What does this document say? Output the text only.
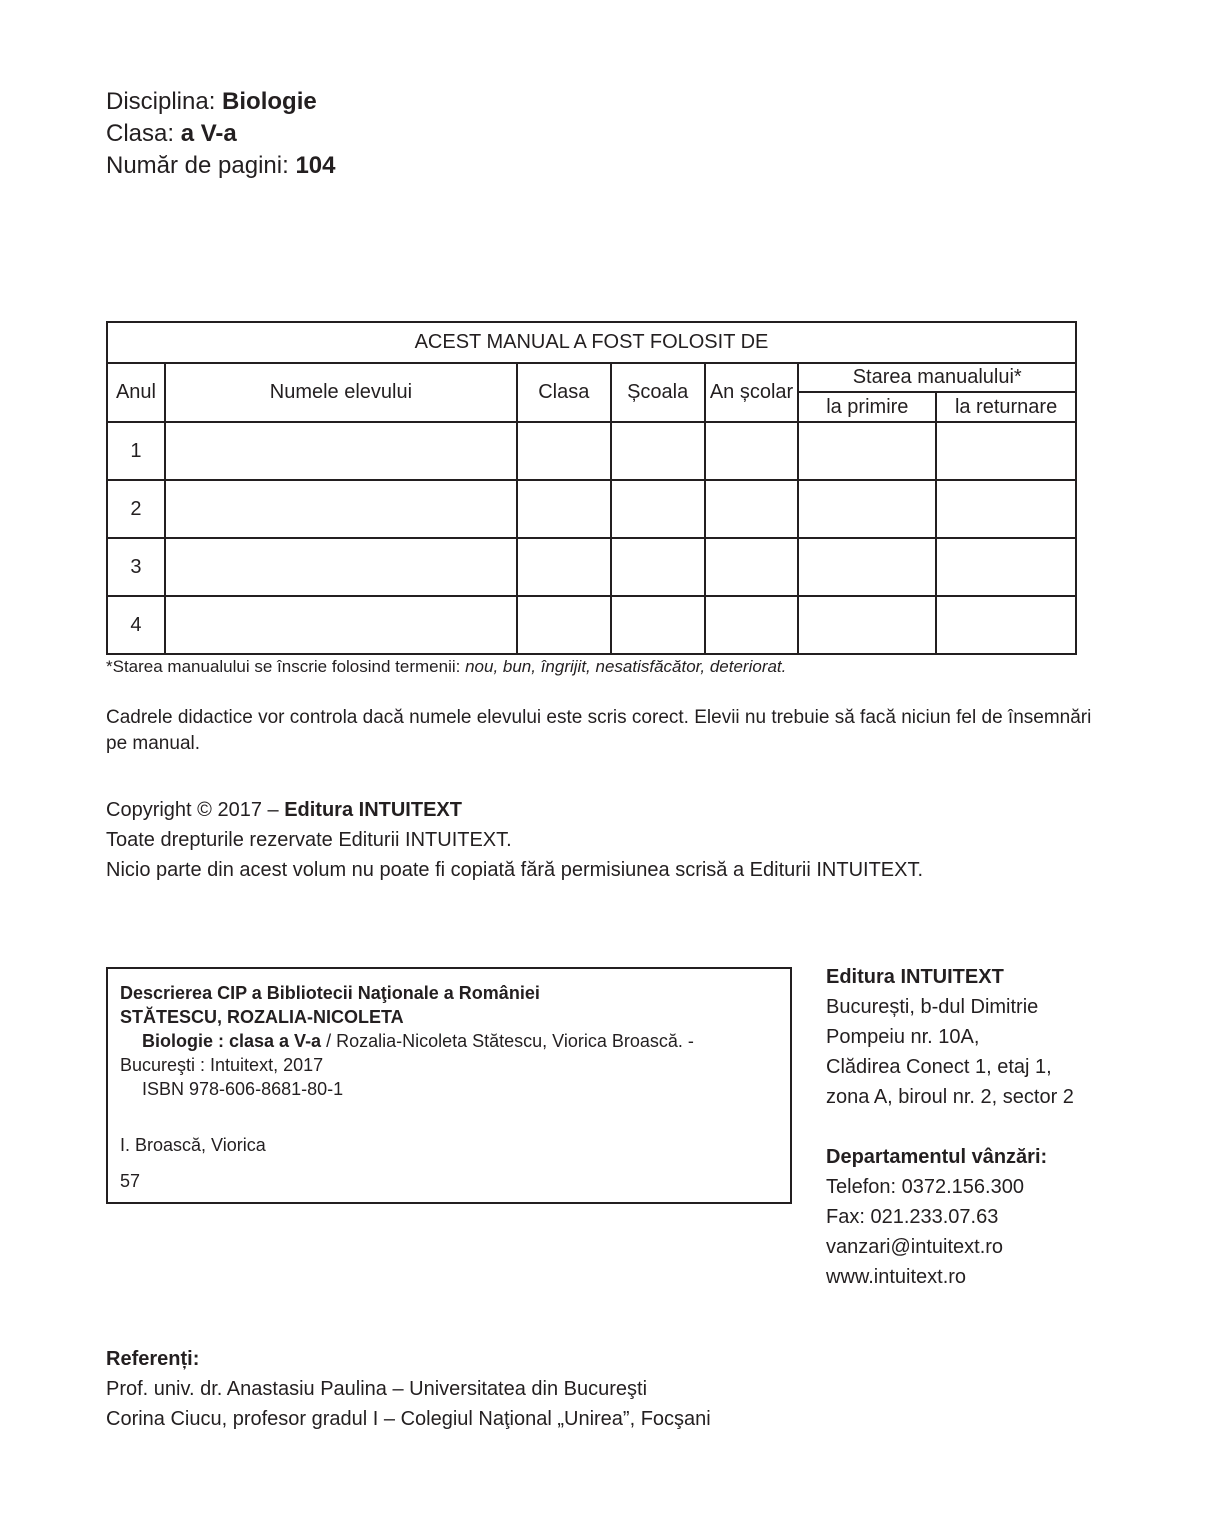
Disciplina: Biologie
Clasa: a V-a
Număr de pagini: 104
ACEST MANUAL A FOST FOLOSIT DE						
Anul	Numele elevului	Clasa	Școala	An școlar	Starea manualului*	
					la primire	la returnare
1						
2						
3						
4						
*Starea manualului se înscrie folosind termenii: nou, bun, îngrijit, nesatisfăcător, deteriorat.
Cadrele didactice vor controla dacă numele elevului este scris corect. Elevii nu trebuie să facă niciun fel de însemnări pe manual.
Copyright © 2017 – Editura INTUITEXT
Toate drepturile rezervate Editurii INTUITEXT.
Nicio parte din acest volum nu poate fi copiată fără permisiunea scrisă a Editurii INTUITEXT.
Descrierea CIP a Bibliotecii Naţionale a României
STĂTESCU, ROZALIA-NICOLETA
Biologie : clasa a V-a / Rozalia-Nicoleta Stătescu, Viorica Broască. -
Bucureşti : Intuitext, 2017
ISBN 978-606-8681-80-1
I. Broască, Viorica
57
Editura INTUITEXT
București, b-dul Dimitrie
Pompeiu nr. 10A,
Clădirea Conect 1, etaj 1,
zona A, biroul nr. 2, sector 2
Departamentul vânzări:
Telefon: 0372.156.300
Fax: 021.233.07.63
vanzari@intuitext.ro
www.intuitext.ro
Referenți:
Prof. univ. dr. Anastasiu Paulina – Universitatea din Bucureşti
Corina Ciucu, profesor gradul I – Colegiul Naţional „Unirea”, Focşani
